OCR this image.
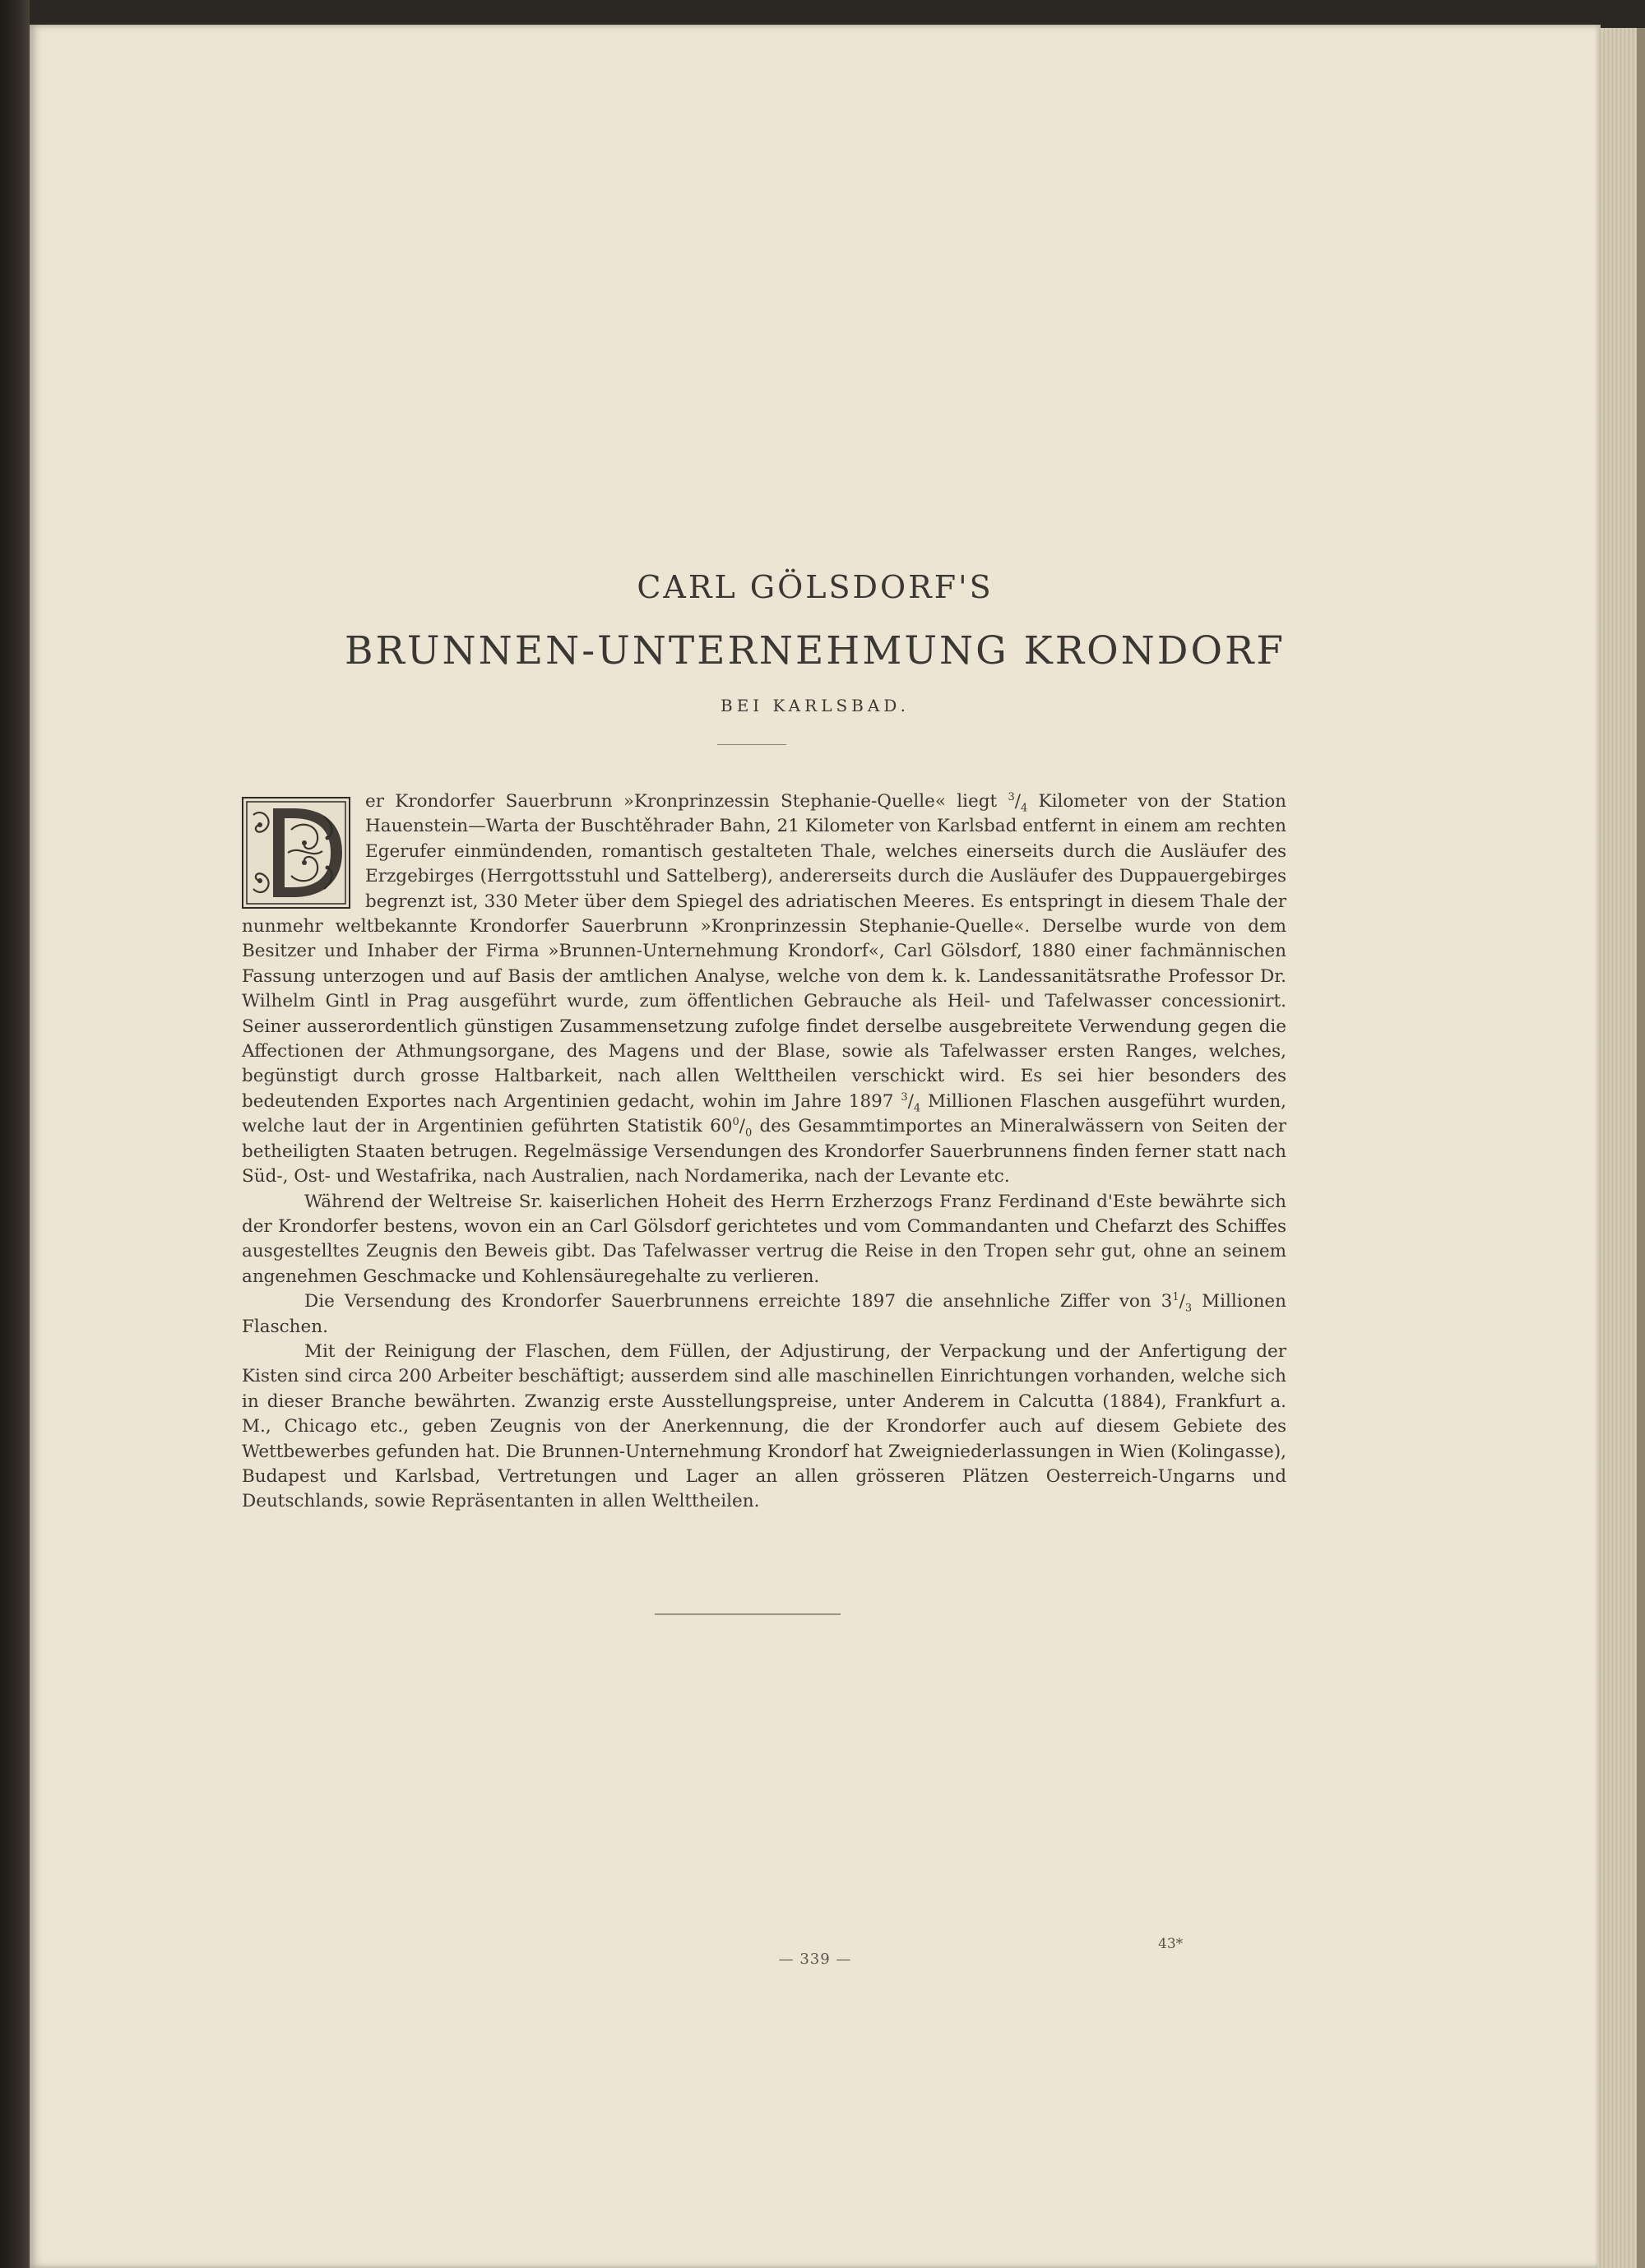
CARL GÖLSDORF'S
BRUNNEN-UNTERNEHMUNG KRONDORF
BEI KARLSBAD.

er Krondorfer Sauerbrunn »Kronprinzessin Stephanie-Quelle« liegt $^3/_4$ Kilometer von der Station Hauenstein—Warta der Buschtěhrader Bahn, 21 Kilometer von Karlsbad entfernt in einem am rechten Egerufer einmündenden, romantisch gestalteten Thale, welches einerseits durch die Ausläufer des Erzgebirges (Herrgottsstuhl und Sattelberg), andererseits durch die Ausläufer des Duppauergebirges begrenzt ist, 330 Meter über dem Spiegel des adriatischen Meeres. Es entspringt in diesem Thale der nunmehr weltbekannte Krondorfer Sauerbrunn »Kronprinzessin Stephanie-Quelle«. Derselbe wurde von dem Besitzer und Inhaber der Firma »Brunnen-Unternehmung Krondorf«, Carl Gölsdorf, 1880 einer fachmännischen Fassung unterzogen und auf Basis der amtlichen Analyse, welche von dem k. k. Landessanitätsrathe Professor Dr. Wilhelm Gintl in Prag ausgeführt wurde, zum öffentlichen Gebrauche als Heil- und Tafelwasser concessionirt. Seiner ausserordentlich günstigen Zusammensetzung zufolge findet derselbe ausgebreitete Verwendung gegen die Affectionen der Athmungsorgane, des Magens und der Blase, sowie als Tafelwasser ersten Ranges, welches, begünstigt durch grosse Haltbarkeit, nach allen Welttheilen verschickt wird. Es sei hier besonders des bedeutenden Exportes nach Argentinien gedacht, wohin im Jahre 1897 $^3/_4$ Millionen Flaschen ausgeführt wurden, welche laut der in Argentinien geführten Statistik $60^0/_0$ des Gesammtimportes an Mineralwässern von Seiten der betheiligten Staaten betrugen. Regelmässige Versendungen des Krondorfer Sauerbrunnens finden ferner statt nach Süd-, Ost- und Westafrika, nach Australien, nach Nordamerika, nach der Levante etc.

Während der Weltreise Sr. kaiserlichen Hoheit des Herrn Erzherzogs Franz Ferdinand d'Este bewährte sich der Krondorfer bestens, wovon ein an Carl Gölsdorf gerichtetes und vom Commandanten und Chefarzt des Schiffes ausgestelltes Zeugnis den Beweis gibt. Das Tafelwasser vertrug die Reise in den Tropen sehr gut, ohne an seinem angenehmen Geschmacke und Kohlensäuregehalte zu verlieren.

Die Versendung des Krondorfer Sauerbrunnens erreichte 1897 die ansehnliche Ziffer von $3^1/_3$ Millionen Flaschen.

Mit der Reinigung der Flaschen, dem Füllen, der Adjustirung, der Verpackung und der Anfertigung der Kisten sind circa 200 Arbeiter beschäftigt; ausserdem sind alle maschinellen Einrichtungen vorhanden, welche sich in dieser Branche bewährten. Zwanzig erste Ausstellungspreise, unter Anderem in Calcutta (1884), Frankfurt a. M., Chicago etc., geben Zeugnis von der Anerkennung, die der Krondorfer auch auf diesem Gebiete des Wettbewerbes gefunden hat. Die Brunnen-Unternehmung Krondorf hat Zweigniederlassungen in Wien (Kolingasse), Budapest und Karlsbad, Vertretungen und Lager an allen grösseren Plätzen Oesterreich-Ungarns und Deutschlands, sowie Repräsentanten in allen Welttheilen.

— 339 —
43*
